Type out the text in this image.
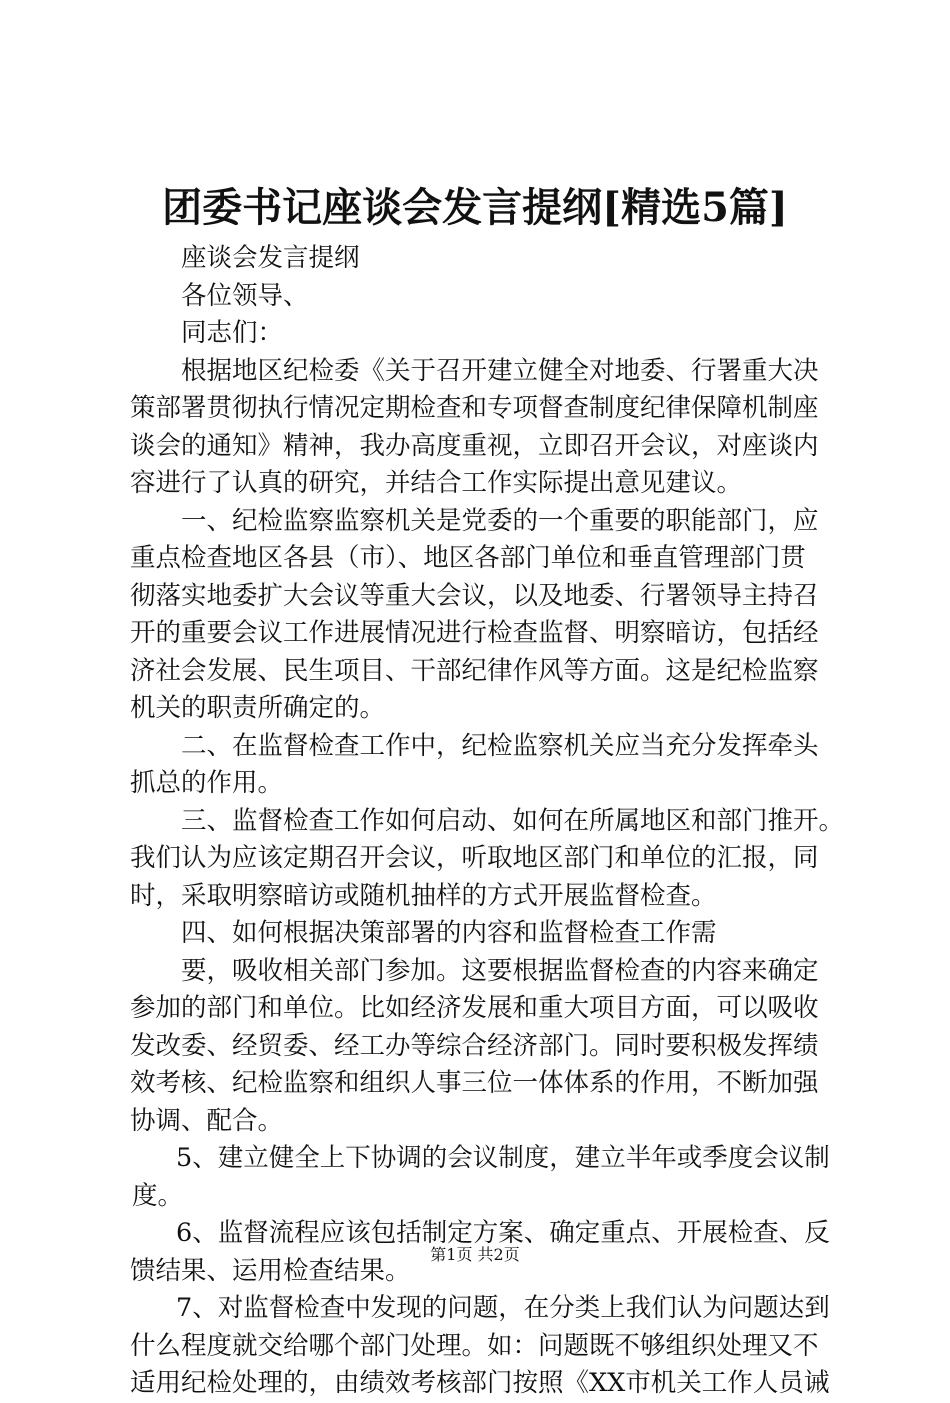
团委书记座谈会发言提纲[精选5篇]
座谈会发言提纲
各位领导、
同志们：
根据地区纪检委《关于召开建立健全对地委、行署重大决
策部署贯彻执行情况定期检查和专项督查制度纪律保障机制座
谈会的通知》精神，我办高度重视，立即召开会议，对座谈内
容进行了认真的研究，并结合工作实际提出意见建议。
一、纪检监察监察机关是党委的一个重要的职能部门，应
重点检查地区各县（市）、地区各部门单位和垂直管理部门贯
彻落实地委扩大会议等重大会议，以及地委、行署领导主持召
开的重要会议工作进展情况进行检查监督、明察暗访，包括经
济社会发展、民生项目、干部纪律作风等方面。这是纪检监察
机关的职责所确定的。
二、在监督检查工作中，纪检监察机关应当充分发挥牵头
抓总的作用。
三、监督检查工作如何启动、如何在所属地区和部门推开。
我们认为应该定期召开会议，听取地区部门和单位的汇报，同
时，采取明察暗访或随机抽样的方式开展监督检查。
四、如何根据决策部署的内容和监督检查工作需
要，吸收相关部门参加。这要根据监督检查的内容来确定
参加的部门和单位。比如经济发展和重大项目方面，可以吸收
发改委、经贸委、经工办等综合经济部门。同时要积极发挥绩
效考核、纪检监察和组织人事三位一体体系的作用，不断加强
协调、配合。
5、建立健全上下协调的会议制度，建立半年或季度会议制
度。
6、监督流程应该包括制定方案、确定重点、开展检查、反
馈结果、运用检查结果。
7、对监督检查中发现的问题，在分类上我们认为问题达到
什么程度就交给哪个部门处理。如：问题既不够组织处理又不
适用纪检处理的，由绩效考核部门按照《XX市机关工作人员诫
第1页 共2页
